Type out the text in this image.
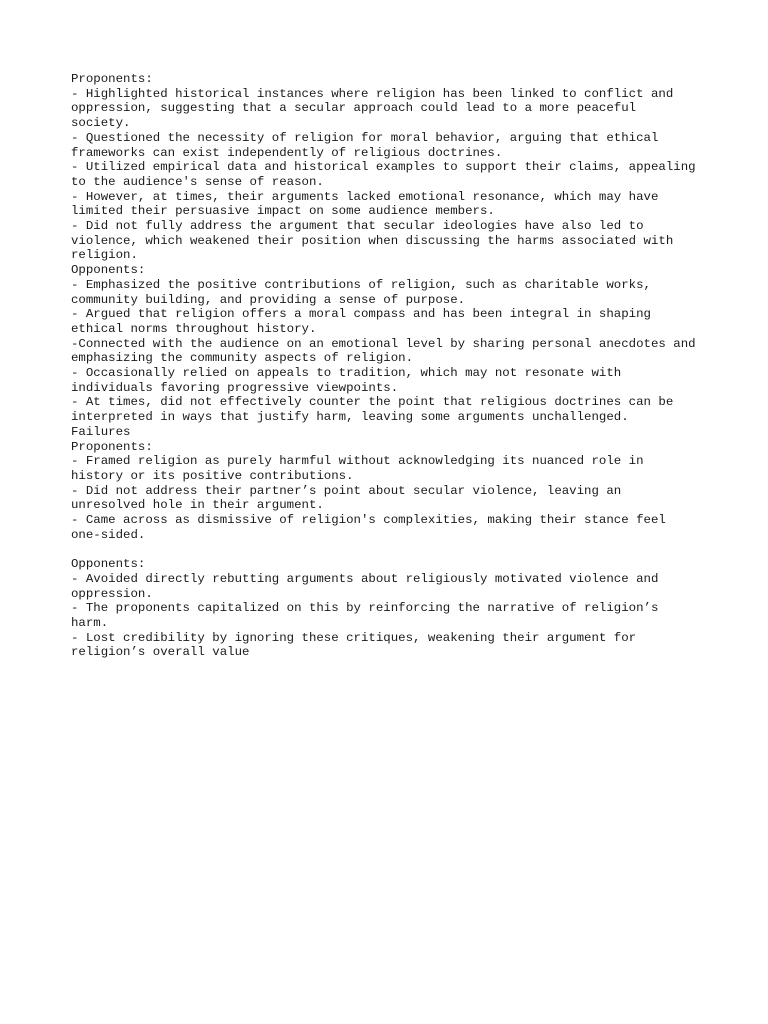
Proponents:

- Highlighted historical instances where religion has been linked to conflict and oppression, suggesting that a secular approach could lead to a more peaceful society.

- Questioned the necessity of religion for moral behavior, arguing that ethical frameworks can exist independently of religious doctrines.

- Utilized empirical data and historical examples to support their claims, appealing to the audience's sense of reason.

- However, at times, their arguments lacked emotional resonance, which may have limited their persuasive impact on some audience members.

- Did not fully address the argument that secular ideologies have also led to violence, which weakened their position when discussing the harms associated with religion.

Opponents:

- Emphasized the positive contributions of religion, such as charitable works, community building, and providing a sense of purpose.

- Argued that religion offers a moral compass and has been integral in shaping ethical norms throughout history.

-Connected with the audience on an emotional level by sharing personal anecdotes and emphasizing the community aspects of religion.

- Occasionally relied on appeals to tradition, which may not resonate with individuals favoring progressive viewpoints.

- At times, did not effectively counter the point that religious doctrines can be interpreted in ways that justify harm, leaving some arguments unchallenged.

Failures

Proponents:

- Framed religion as purely harmful without acknowledging its nuanced role in history or its positive contributions.

- Did not address their partner’s point about secular violence, leaving an unresolved hole in their argument.

- Came across as dismissive of religion's complexities, making their stance feel one-sided.

Opponents:

- Avoided directly rebutting arguments about religiously motivated violence and oppression.

- The proponents capitalized on this by reinforcing the narrative of religion’s harm.

- Lost credibility by ignoring these critiques, weakening their argument for religion’s overall value
